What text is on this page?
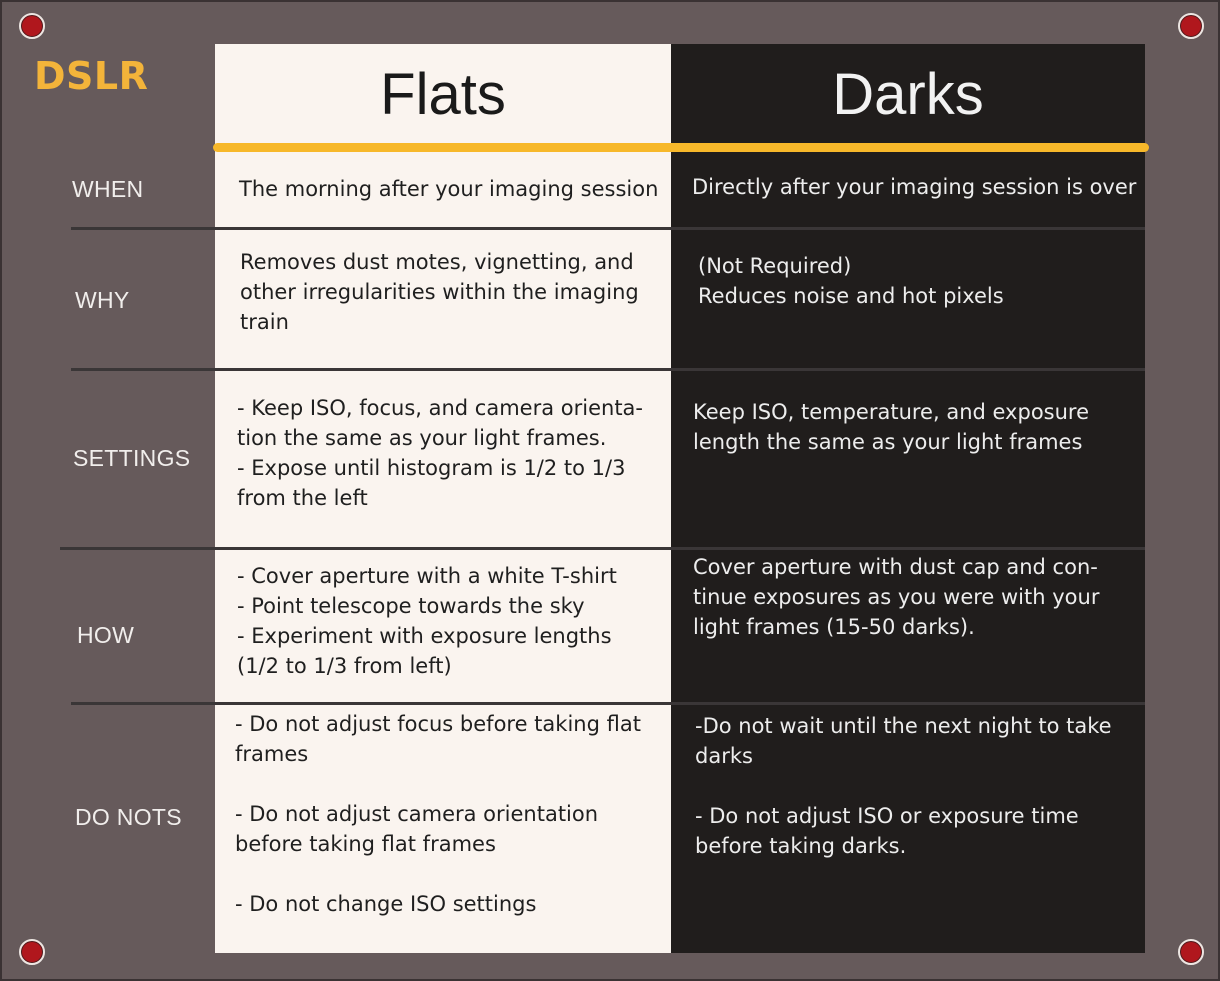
DSLR	Flats	Darks
WHEN
WHY
SETTINGS
HOW
DO NOTS

The morning after your imaging session Directly after your imaging session is over

Removes dust motes, vignetting, and

other irregularities within the imaging

train

(Not Required)

Reduces noise and hot pixels

- Keep ISO, focus, and camera orienta-

tion the same as your light frames.

- Expose until histogram is 1/2 to 1/3

from the left

Keep ISO, temperature, and exposure

length the same as your light frames

- Cover aperture with a white T-shirt

- Point telescope towards the sky

- Experiment with exposure lengths

(1/2 to 1/3 from left)

Cover aperture with dust cap and con-

tinue exposures as you were with your

light frames (15-50 darks).

- Do not adjust focus before taking flat

frames

- Do not adjust camera orientation

before taking flat frames

- Do not change ISO settings

-Do not wait until the next night to take

darks

- Do not adjust ISO or exposure time

before taking darks.
